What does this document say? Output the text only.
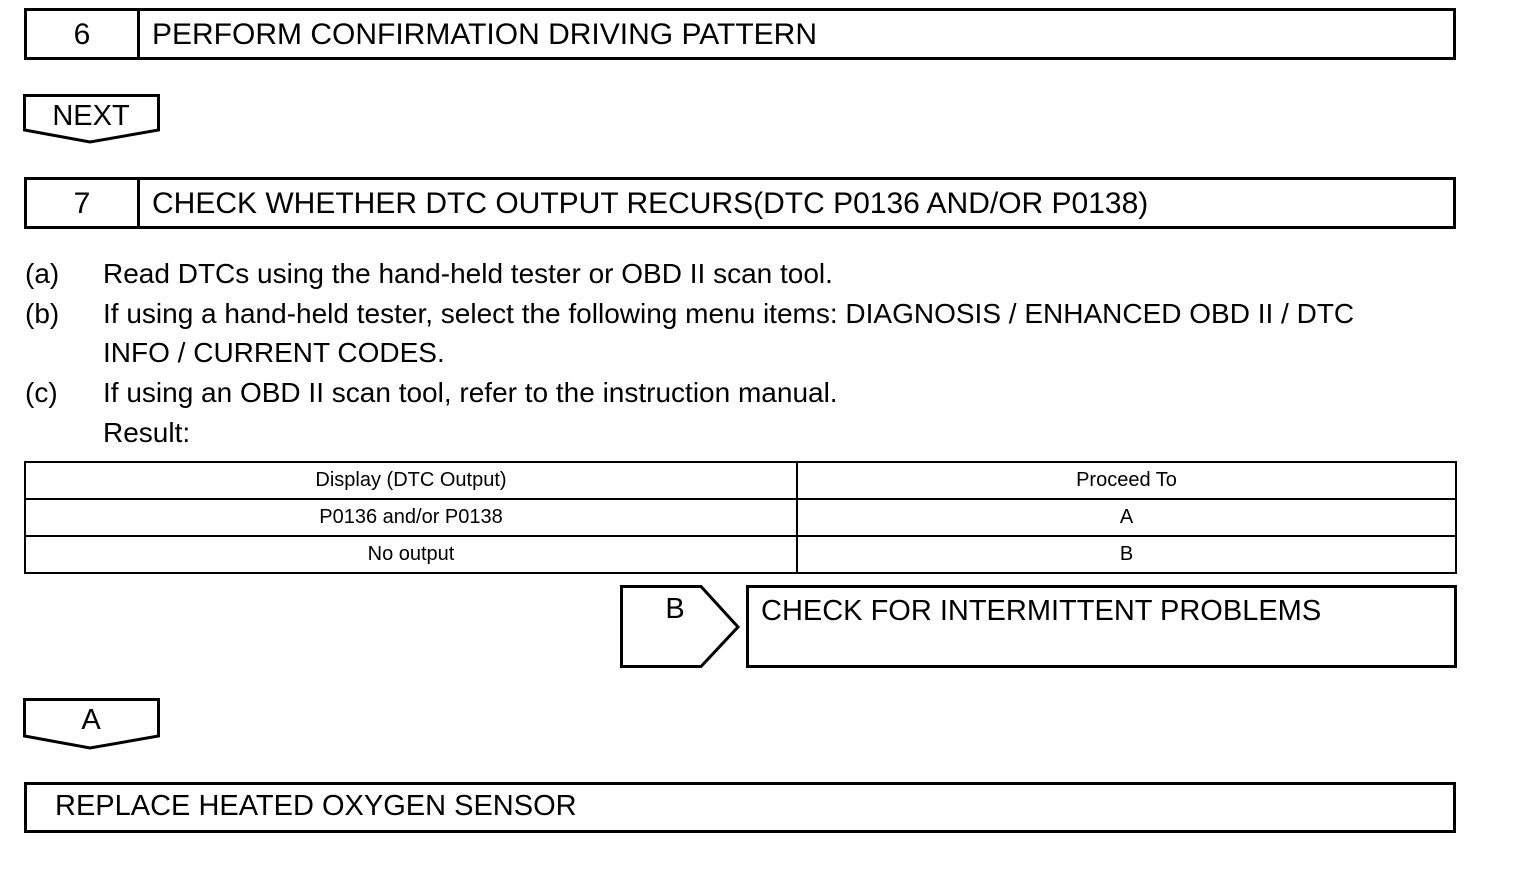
6	PERFORM CONFIRMATION DRIVING PATTERN
NEXT
7	CHECK WHETHER DTC OUTPUT RECURS(DTC P0136 AND/OR P0138)
(a) Read DTCs using the hand-held tester or OBD II scan tool.
(b) If using a hand-held tester, select the following menu items: DIAGNOSIS / ENHANCED OBD II / DTC
INFO / CURRENT CODES.
(c) If using an OBD II scan tool, refer to the instruction manual.
Result:
Display (DTC Output)	Proceed To
P0136 and/or P0138	A
No output	B
B	CHECK FOR INTERMITTENT PROBLEMS
A
REPLACE HEATED OXYGEN SENSOR
